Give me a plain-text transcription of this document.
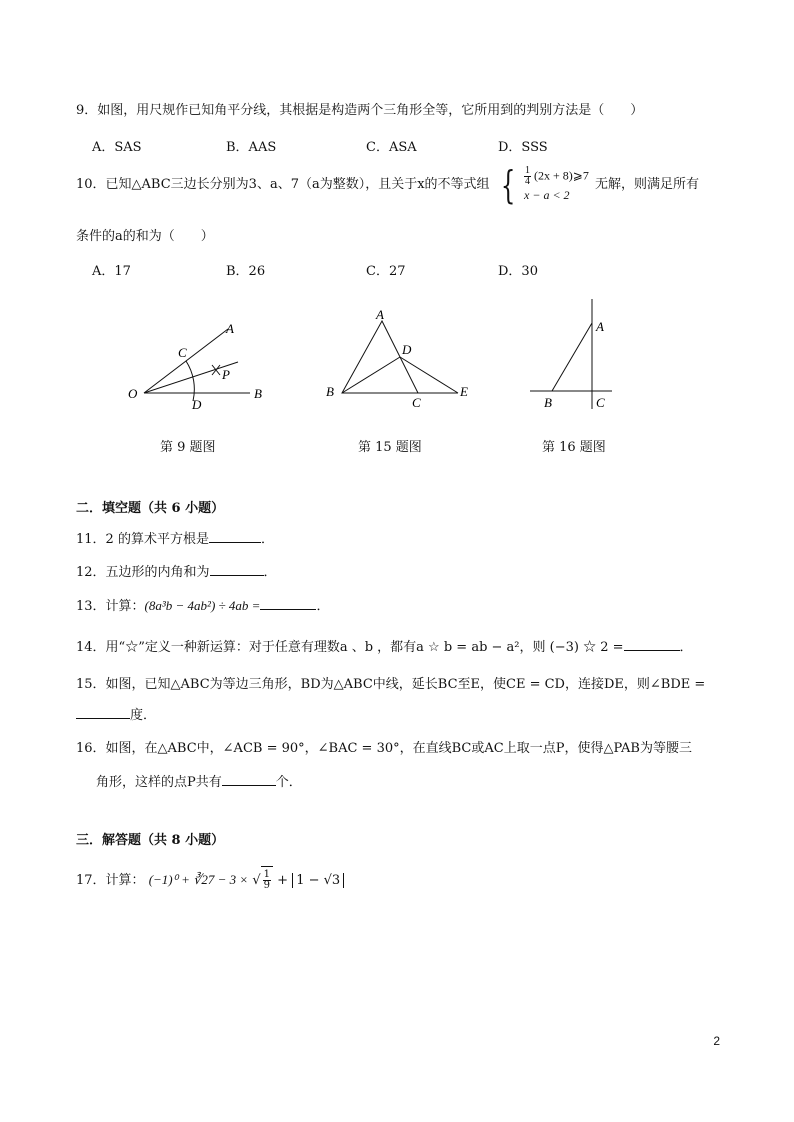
9．如图，用尺规作已知角平分线，其根据是构造两个三角形全等，它所用到的判别方法是（　　）
A．SAS	B．AAS	C．ASA	D．SSS
10．已知△ABC三边长分别为3、a、7（a为整数），且关于x的不等式组 { $\frac{1}{4} (2x$ + 8)⩾7
x − a < 2
无解，则满足所有
条件的a的和为（　　）
A．17	B．26	C．27	D．30
A
C
P
O
D
B
第 9 题图
A
D
B
C
E
第 15 题图
A
B	C
第 16 题图
二．填空题（共 6 小题）
11．2 的算术平方根是	．
12．五边形的内角和为	．
13．计算：(8a³b − 4ab²) ÷ 4ab =	．
14．用“☆”定义一种新运算：对于任意有理数a 、b ，都有a ☆ b = ab − a²，则 (−3) ☆ 2 =	．
15．如图，已知△ABC为等边三角形，BD为△ABC中线，延长BC至E，使CE = CD，连接DE，则∠BDE =
度．
16．如图，在△ABC中，∠ACB = 90°，∠BAC = 30°，在直线BC或AC上取一点P，使得△PAB为等腰三
角形，这样的点P共有	个．
三．解答题（共 8 小题）
17．计算： (−1)⁰ + ∛27 − 3 × √ $\frac{1}{9} + 1 - √3$
2
